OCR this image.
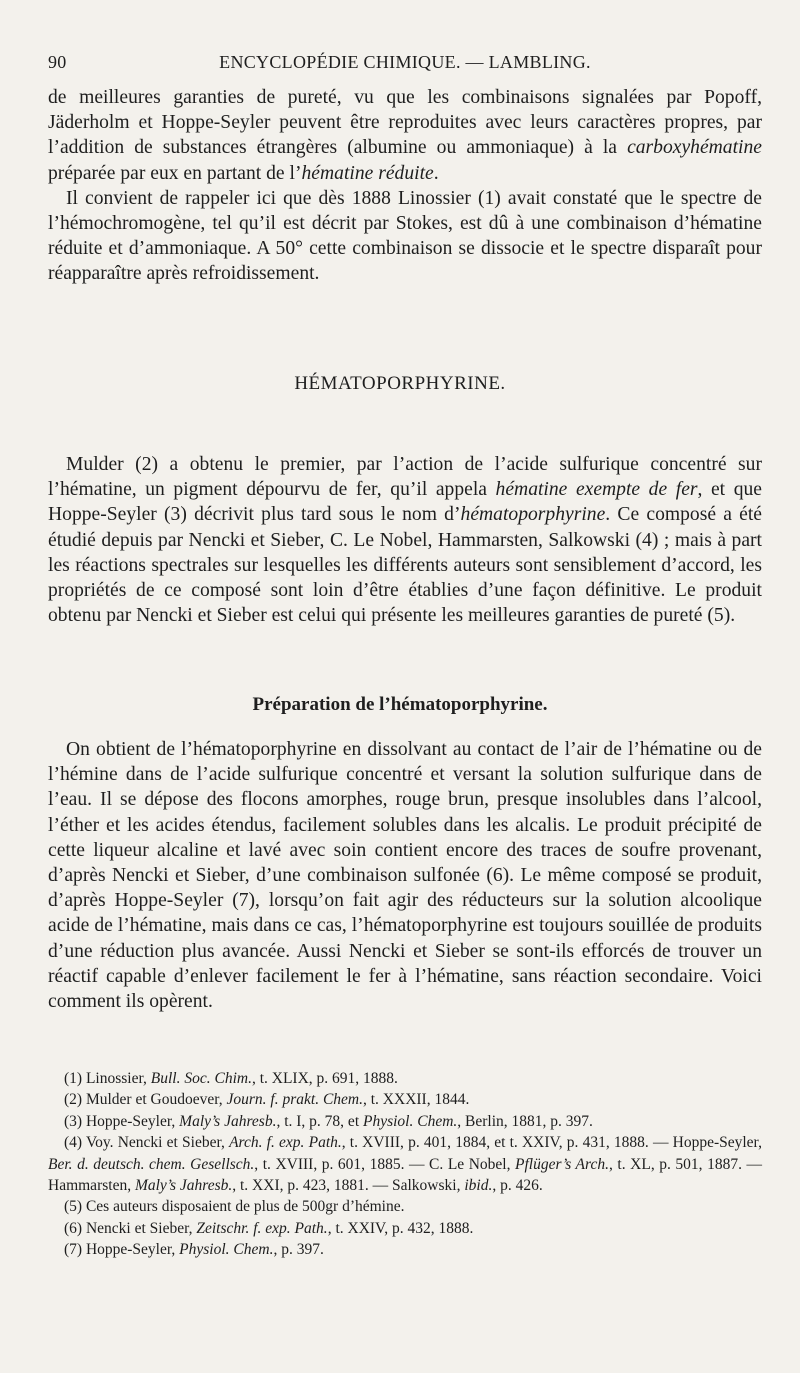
90	ENCYCLOPÉDIE CHIMIQUE. — LAMBLING.

de meilleures garanties de pureté, vu que les combinaisons signalées par Popoff, Jäderholm et Hoppe-Seyler peuvent être reproduites avec leurs caractères propres, par l’addition de substances étrangères (albumine ou ammoniaque) à la carboxyhématine préparée par eux en partant de l’hématine réduite.

Il convient de rappeler ici que dès 1888 Linossier (1) avait constaté que le spectre de l’hémochromogène, tel qu’il est décrit par Stokes, est dû à une combinaison d’hématine réduite et d’ammoniaque. A 50° cette combinaison se dissocie et le spectre disparaît pour réapparaître après refroidissement.

HÉMATOPORPHYRINE.

Mulder (2) a obtenu le premier, par l’action de l’acide sulfurique concentré sur l’hématine, un pigment dépourvu de fer, qu’il appela hématine exempte de fer, et que Hoppe-Seyler (3) décrivit plus tard sous le nom d’hématoporphyrine. Ce composé a été étudié depuis par Nencki et Sieber, C. Le Nobel, Hammarsten, Salkowski (4) ; mais à part les réactions spectrales sur lesquelles les différents auteurs sont sensiblement d’accord, les propriétés de ce composé sont loin d’être établies d’une façon définitive. Le produit obtenu par Nencki et Sieber est celui qui présente les meilleures garanties de pureté (5).

Préparation de l’hématoporphyrine.

On obtient de l’hématoporphyrine en dissolvant au contact de l’air de l’hématine ou de l’hémine dans de l’acide sulfurique concentré et versant la solution sulfurique dans de l’eau. Il se dépose des flocons amorphes, rouge brun, presque insolubles dans l’alcool, l’éther et les acides étendus, facilement solubles dans les alcalis. Le produit précipité de cette liqueur alcaline et lavé avec soin contient encore des traces de soufre provenant, d’après Nencki et Sieber, d’une combinaison sulfonée (6). Le même composé se produit, d’après Hoppe-Seyler (7), lorsqu’on fait agir des réducteurs sur la solution alcoolique acide de l’hématine, mais dans ce cas, l’hématoporphyrine est toujours souillée de produits d’une réduction plus avancée. Aussi Nencki et Sieber se sont-ils efforcés de trouver un réactif capable d’enlever facilement le fer à l’hématine, sans réaction secondaire. Voici comment ils opèrent.

(1) Linossier, Bull. Soc. Chim., t. XLIX, p. 691, 1888.

(2) Mulder et Goudoever, Journ. f. prakt. Chem., t. XXXII, 1844.

(3) Hoppe-Seyler, Maly’s Jahresb., t. I, p. 78, et Physiol. Chem., Berlin, 1881, p. 397.

(4) Voy. Nencki et Sieber, Arch. f. exp. Path., t. XVIII, p. 401, 1884, et t. XXIV, p. 431, 1888. — Hoppe-Seyler, Ber. d. deutsch. chem. Gesellsch., t. XVIII, p. 601, 1885. — C. Le Nobel, Pflüger’s Arch., t. XL, p. 501, 1887. — Hammarsten, Maly’s Jahresb., t. XXI, p. 423, 1881. — Salkowski, ibid., p. 426.

(5) Ces auteurs disposaient de plus de 500gr d’hémine.

(6) Nencki et Sieber, Zeitschr. f. exp. Path., t. XXIV, p. 432, 1888.

(7) Hoppe-Seyler, Physiol. Chem., p. 397.
